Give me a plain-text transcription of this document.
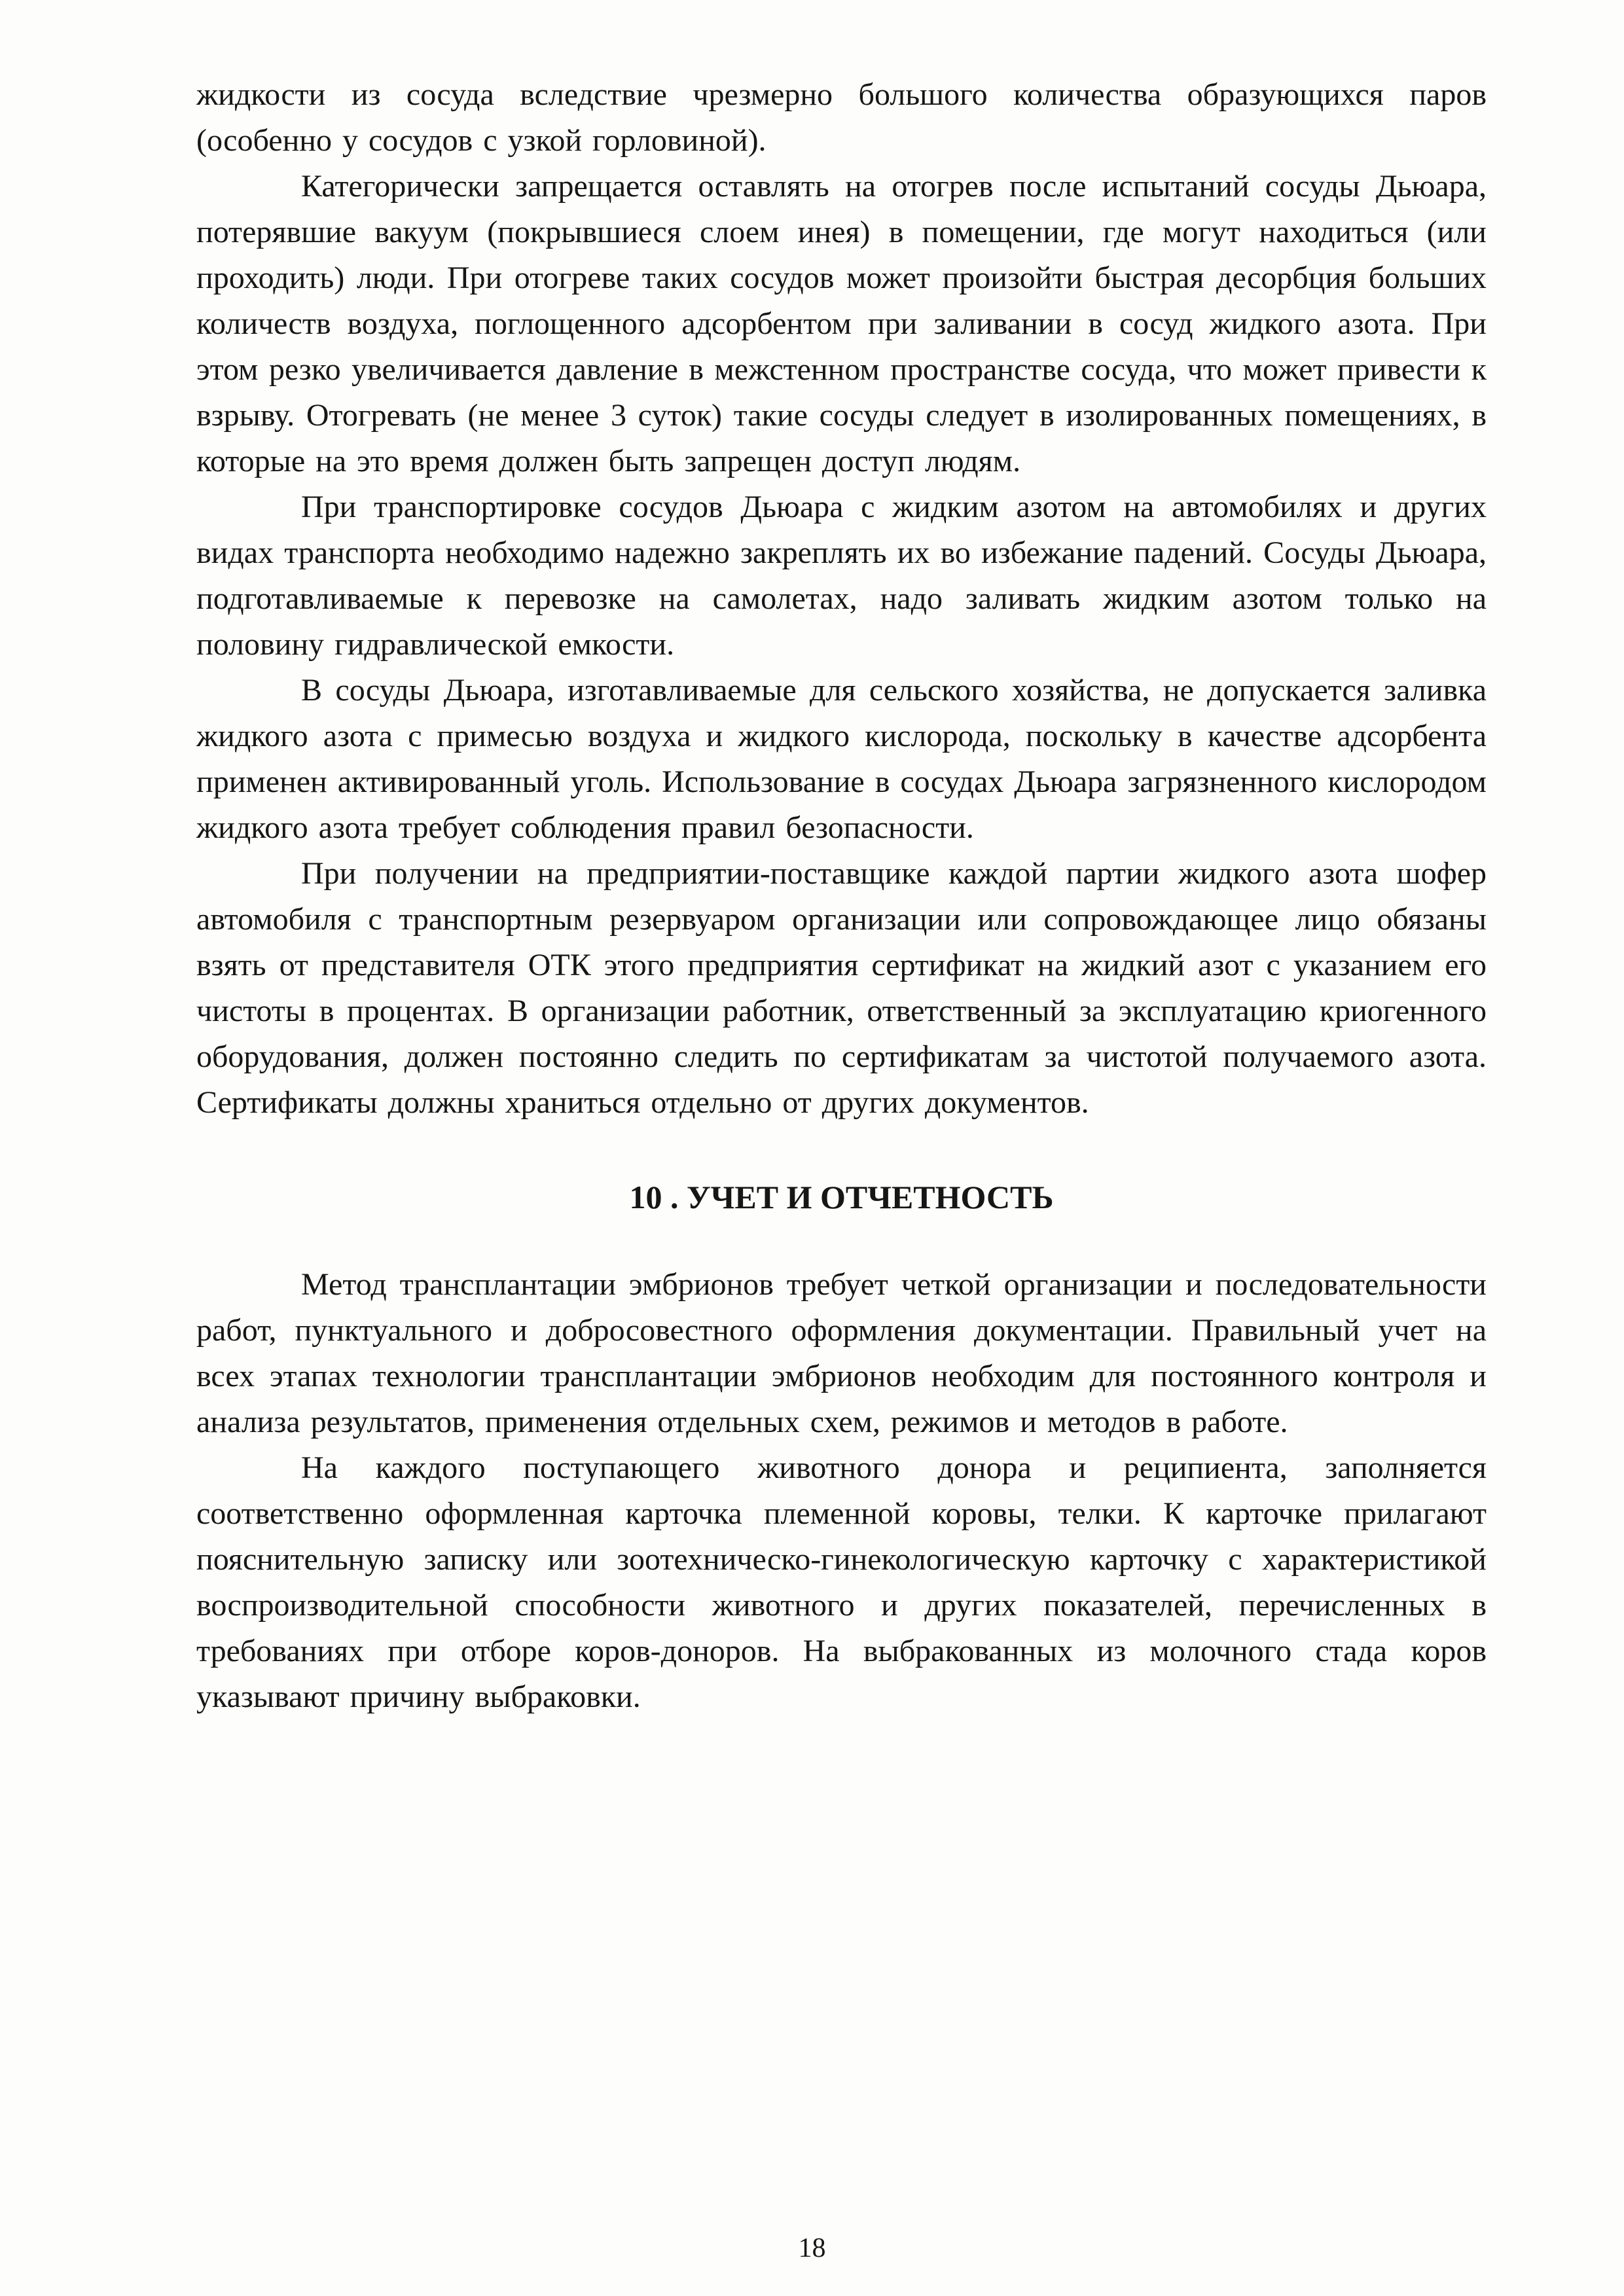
жидкости из сосуда вследствие чрезмерно большого количества образующихся паров (особенно у сосудов с узкой горловиной).

Категорически запрещается оставлять на отогрев после испытаний сосуды Дьюара, потерявшие вакуум (покрывшиеся слоем инея) в помещении, где могут находиться (или проходить) люди. При отогреве таких сосудов может произойти быстрая десорбция больших количеств воздуха, поглощенного адсорбентом при заливании в сосуд жидкого азота. При этом резко увеличивается давление в межстенном пространстве сосуда, что может привести к взрыву. Отогревать (не менее 3 суток) такие сосуды следует в изолированных помещениях, в которые на это время должен быть запрещен доступ людям.

При транспортировке сосудов Дьюара с жидким азотом на автомобилях и других видах транспорта необходимо надежно закреплять их во избежание падений. Сосуды Дьюара, подготавливаемые к перевозке на самолетах, надо заливать жидким азотом только на половину гидравлической емкости.

В сосуды Дьюара, изготавливаемые для сельского хозяйства, не допускается заливка жидкого азота с примесью воздуха и жидкого кислорода, поскольку в качестве адсорбента применен активированный уголь. Использование в сосудах Дьюара загрязненного кислородом жидкого азота требует соблюдения правил безопасности.

При получении на предприятии-поставщике каждой партии жидкого азота шофер автомобиля с транспортным резервуаром организации или сопровождающее лицо обязаны взять от представителя ОТК этого предприятия сертификат на жидкий азот с указанием его чистоты в процентах. В организации работник, ответственный за эксплуатацию криогенного оборудования, должен постоянно следить по сертификатам за чистотой получаемого азота. Сертификаты должны храниться отдельно от других документов.

10 . УЧЕТ И ОТЧЕТНОСТЬ

Метод трансплантации эмбрионов требует четкой организации и последовательности работ, пунктуального и добросовестного оформления документации. Правильный учет на всех этапах технологии трансплантации эмбрионов необходим для постоянного контроля и анализа результатов, применения отдельных схем, режимов и методов в работе.

На каждого поступающего животного донора и реципиента, заполняется соответственно оформленная карточка племенной коровы, телки. К карточке прилагают пояснительную записку или зоотехническо-гинекологическую карточку с характеристикой воспроизводительной способности животного и других показателей, перечисленных в требованиях при отборе коров-доноров. На выбракованных из молочного стада коров указывают причину выбраковки.

18
